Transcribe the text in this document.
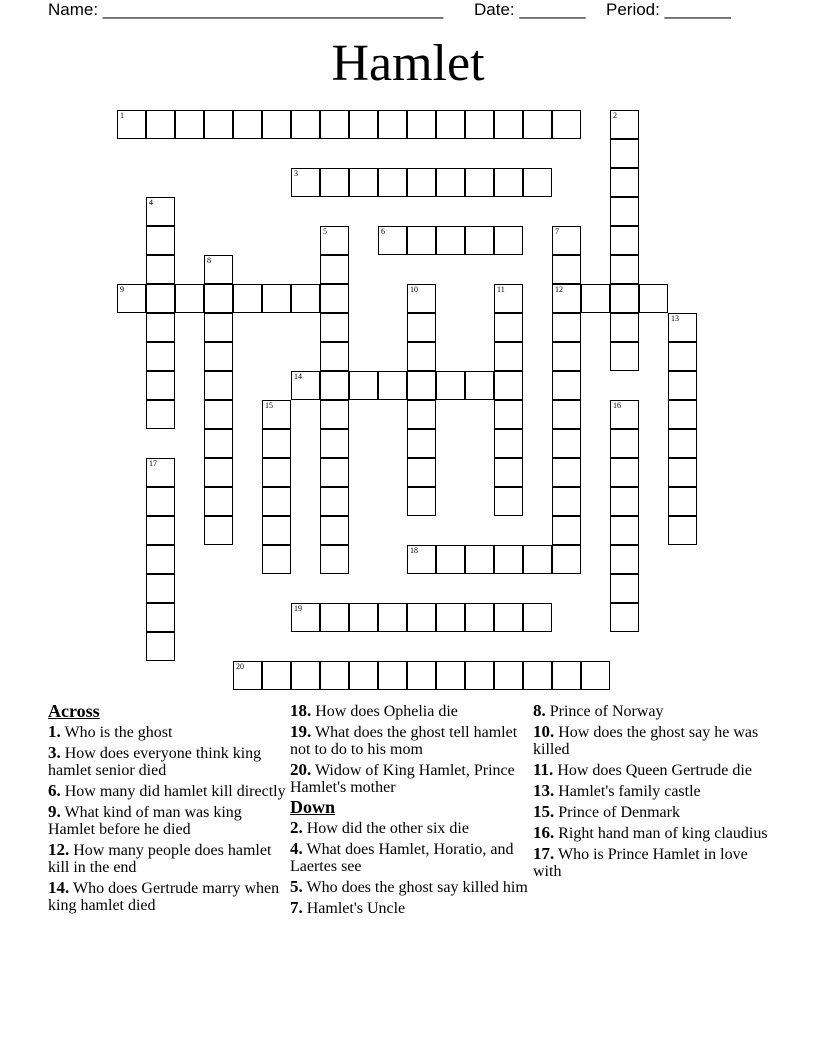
Name: ____________________________________ Date: _______ Period: _______
Hamlet
1	2
3
4
5	6	7
12
8
9	10	11
13
14
15	16
17
18
19
20
Across
1. Who is the ghost
3. How does everyone think king hamlet senior died
6. How many did hamlet kill directly
9. What kind of man was king Hamlet before he died
12. How many people does hamlet kill in the end
14. Who does Gertrude marry when king hamlet died
18. How does Ophelia die
19. What does the ghost tell hamlet not to do to his mom
20. Widow of King Hamlet, Prince Hamlet's mother
Down
2. How did the other six die
4. What does Hamlet, Horatio, and Laertes see
5. Who does the ghost say killed him
7. Hamlet's Uncle
8. Prince of Norway
10. How does the ghost say he was killed
11. How does Queen Gertrude die
13. Hamlet's family castle
15. Prince of Denmark
16. Right hand man of king claudius
17. Who is Prince Hamlet in love with
